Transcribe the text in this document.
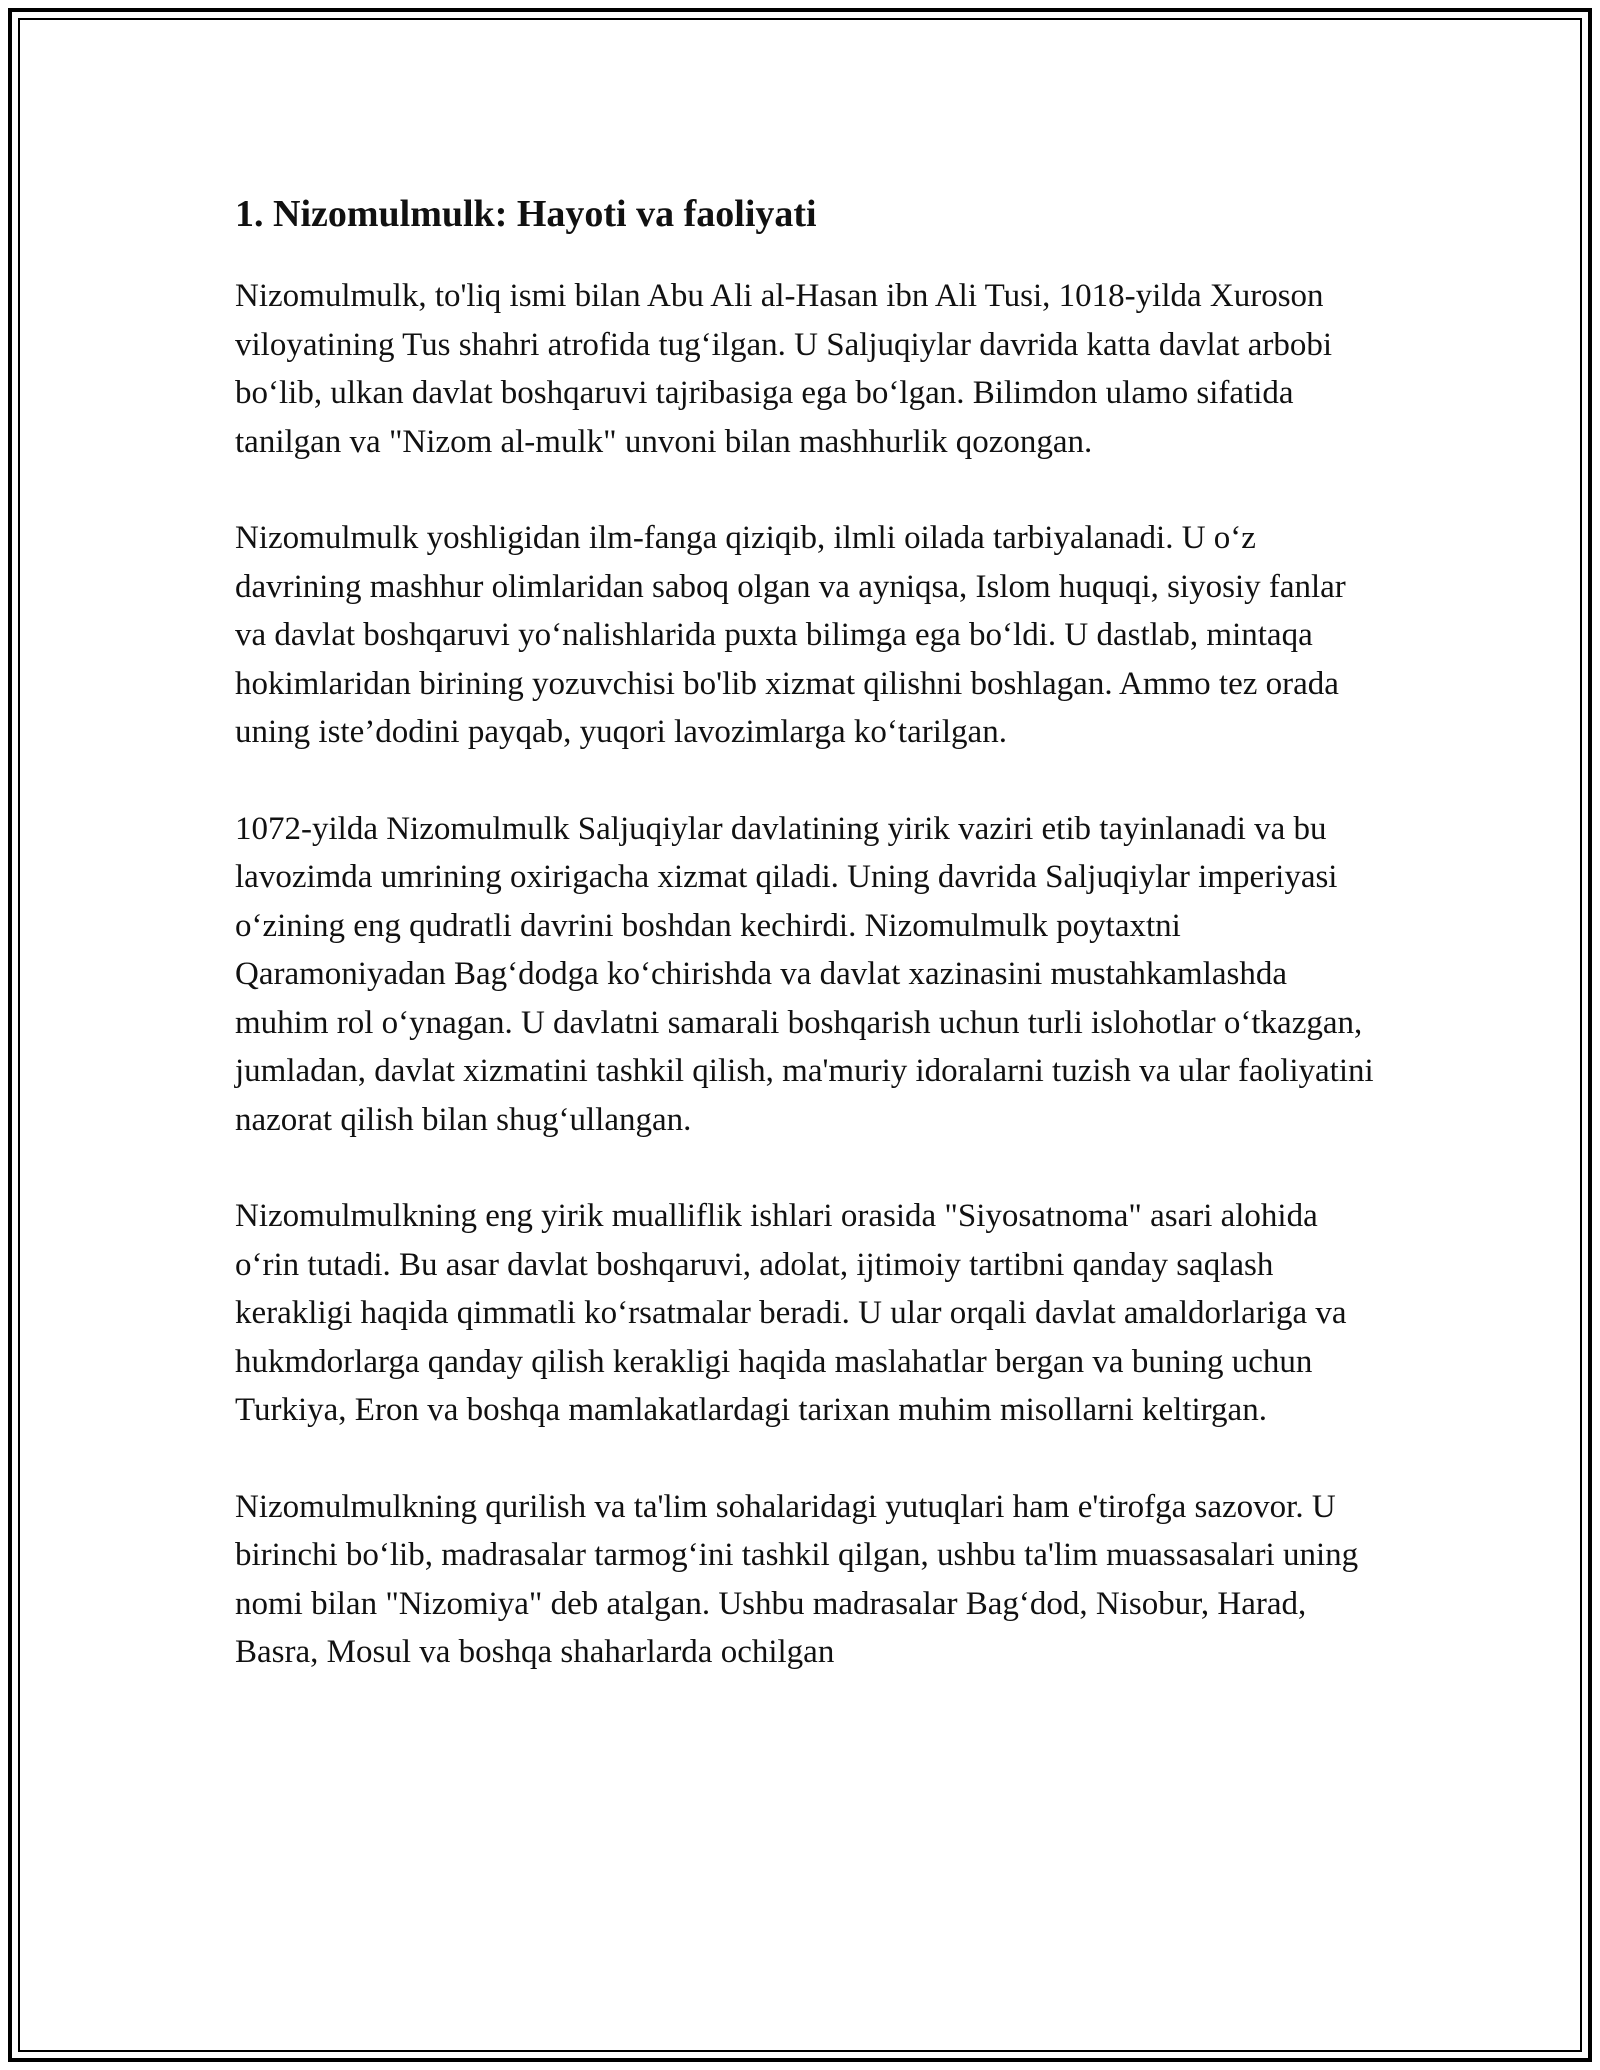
1. Nizomulmulk: Hayoti va faoliyati

Nizomulmulk, to'liq ismi bilan Abu Ali al-Hasan ibn Ali Tusi, 1018-yilda Xuroson viloyatining Tus shahri atrofida tug‘ilgan. U Saljuqiylar davrida katta davlat arbobi bo‘lib, ulkan davlat boshqaruvi tajribasiga ega bo‘lgan. Bilimdon ulamo sifatida tanilgan va "Nizom al-mulk" unvoni bilan mashhurlik qozongan.

Nizomulmulk yoshligidan ilm-fanga qiziqib, ilmli oilada tarbiyalanadi. U o‘z davrining mashhur olimlaridan saboq olgan va ayniqsa, Islom huquqi, siyosiy fanlar va davlat boshqaruvi yo‘nalishlarida puxta bilimga ega bo‘ldi. U dastlab, mintaqa hokimlaridan birining yozuvchisi bo'lib xizmat qilishni boshlagan. Ammo tez orada uning iste’dodini payqab, yuqori lavozimlarga ko‘tarilgan.

1072-yilda Nizomulmulk Saljuqiylar davlatining yirik vaziri etib tayinlanadi va bu lavozimda umrining oxirigacha xizmat qiladi. Uning davrida Saljuqiylar imperiyasi o‘zining eng qudratli davrini boshdan kechirdi. Nizomulmulk poytaxtni Qaramoniyadan Bag‘dodga ko‘chirishda va davlat xazinasini mustahkamlashda muhim rol o‘ynagan. U davlatni samarali boshqarish uchun turli islohotlar o‘tkazgan, jumladan, davlat xizmatini tashkil qilish, ma'muriy idoralarni tuzish va ular faoliyatini nazorat qilish bilan shug‘ullangan.

Nizomulmulkning eng yirik mualliflik ishlari orasida "Siyosatnoma" asari alohida o‘rin tutadi. Bu asar davlat boshqaruvi, adolat, ijtimoiy tartibni qanday saqlash kerakligi haqida qimmatli ko‘rsatmalar beradi. U ular orqali davlat amaldorlariga va hukmdorlarga qanday qilish kerakligi haqida maslahatlar bergan va buning uchun Turkiya, Eron va boshqa mamlakatlardagi tarixan muhim misollarni keltirgan.

Nizomulmulkning qurilish va ta'lim sohalaridagi yutuqlari ham e'tirofga sazovor. U birinchi bo‘lib, madrasalar tarmog‘ini tashkil qilgan, ushbu ta'lim muassasalari uning nomi bilan "Nizomiya" deb atalgan. Ushbu madrasalar Bag‘dod, Nisobur, Harad, Basra, Mosul va boshqa shaharlarda ochilgan
